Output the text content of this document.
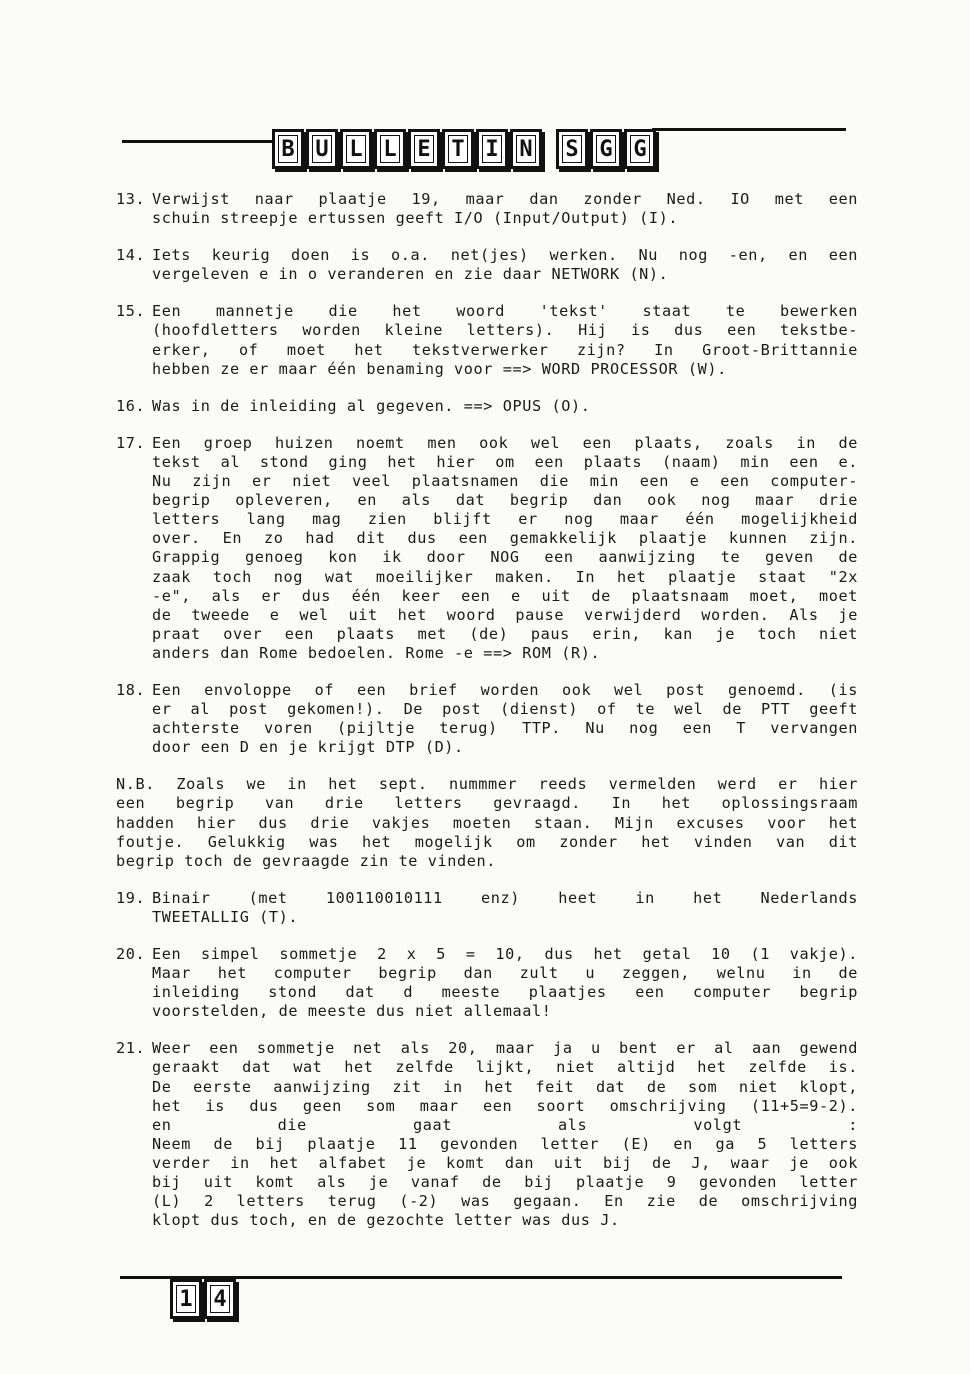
B U L L E T I N	S G G
13. Verwijst naar plaatje 19, maar dan zonder Ned. IO met een
schuin streepje ertussen geeft I/O (Input/Output) (I).
14. Iets keurig doen is o.a. net(jes) werken. Nu nog -en, en een
vergeleven e in o veranderen en zie daar NETWORK (N).
15. Een mannetje die het woord 'tekst' staat te bewerken
(hoofdletters worden kleine letters). Hij is dus een tekstbe-
erker, of moet het tekstverwerker zijn? In Groot-Brittannie
hebben ze er maar één benaming voor ==> WORD PROCESSOR (W).
16. Was in de inleiding al gegeven. ==> OPUS (O).
17. Een groep huizen noemt men ook wel een plaats, zoals in de
tekst al stond ging het hier om een plaats (naam) min een e.
Nu zijn er niet veel plaatsnamen die min een e een computer-
begrip opleveren, en als dat begrip dan ook nog maar drie
letters lang mag zien blijft er nog maar één mogelijkheid
over. En zo had dit dus een gemakkelijk plaatje kunnen zijn.
Grappig genoeg kon ik door NOG een aanwijzing te geven de
zaak toch nog wat moeilijker maken. In het plaatje staat "2x
-e", als er dus één keer een e uit de plaatsnaam moet, moet
de tweede e wel uit het woord pause verwijderd worden. Als je
praat over een plaats met (de) paus erin, kan je toch niet
anders dan Rome bedoelen. Rome -e ==> ROM (R).
18. Een envoloppe of een brief worden ook wel post genoemd. (is
er al post gekomen!). De post (dienst) of te wel de PTT geeft
achterste voren (pijltje terug) TTP. Nu nog een T vervangen
door een D en je krijgt DTP (D).
N.B. Zoals we in het sept. nummmer reeds vermelden werd er hier
een begrip van drie letters gevraagd. In het oplossingsraam
hadden hier dus drie vakjes moeten staan. Mijn excuses voor het
foutje. Gelukkig was het mogelijk om zonder het vinden van dit
begrip toch de gevraagde zin te vinden.
19. Binair (met 100110010111 enz) heet in het Nederlands
TWEETALLIG (T).
20. Een simpel sommetje 2 x 5 = 10, dus het getal 10 (1 vakje).
Maar het computer begrip dan zult u zeggen, welnu in de
inleiding stond dat d meeste plaatjes een computer begrip
voorstelden, de meeste dus niet allemaal!
21. Weer een sommetje net als 20, maar ja u bent er al aan gewend
geraakt dat wat het zelfde lijkt, niet altijd het zelfde is.
De eerste aanwijzing zit in het feit dat de som niet klopt,
het is dus geen som maar een soort omschrijving (11+5=9-2).
en die gaat als volgt :
Neem de bij plaatje 11 gevonden letter (E) en ga 5 letters
verder in het alfabet je komt dan uit bij de J, waar je ook
bij uit komt als je vanaf de bij plaatje 9 gevonden letter
(L) 2 letters terug (-2) was gegaan. En zie de omschrijving
klopt dus toch, en de gezochte letter was dus J.
1 4
